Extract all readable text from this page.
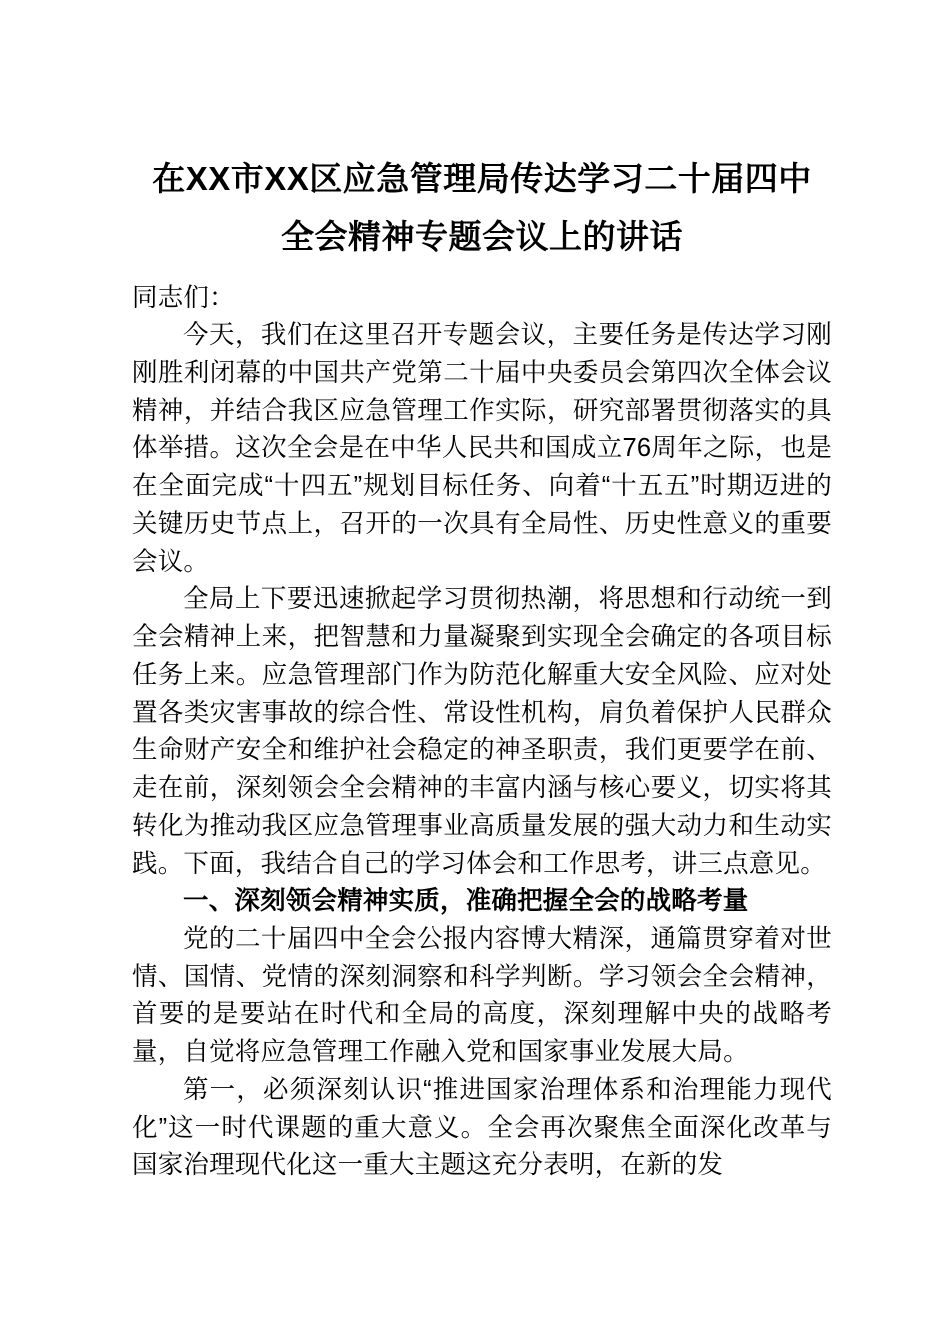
在XX市XX区应急管理局传达学习二十届四中全会精神专题会议上的讲话

同志们：

今天，我们在这里召开专题会议，主要任务是传达学习刚刚胜利闭幕的中国共产党第二十届中央委员会第四次全体会议精神，并结合我区应急管理工作实际，研究部署贯彻落实的具体举措。这次全会是在中华人民共和国成立76周年之际，也是在全面完成“十四五”规划目标任务、向着“十五五”时期迈进的关键历史节点上，召开的一次具有全局性、历史性意义的重要会议。

全局上下要迅速掀起学习贯彻热潮，将思想和行动统一到全会精神上来，把智慧和力量凝聚到实现全会确定的各项目标任务上来。应急管理部门作为防范化解重大安全风险、应对处置各类灾害事故的综合性、常设性机构，肩负着保护人民群众生命财产安全和维护社会稳定的神圣职责，我们更要学在前、走在前，深刻领会全会精神的丰富内涵与核心要义，切实将其转化为推动我区应急管理事业高质量发展的强大动力和生动实践。下面，我结合自己的学习体会和工作思考，讲三点意见。

一、深刻领会精神实质，准确把握全会的战略考量

党的二十届四中全会公报内容博大精深，通篇贯穿着对世情、国情、党情的深刻洞察和科学判断。学习领会全会精神，首要的是要站在时代和全局的高度，深刻理解中央的战略考量，自觉将应急管理工作融入党和国家事业发展大局。

第一，必须深刻认识“推进国家治理体系和治理能力现代化”这一时代课题的重大意义。全会再次聚焦全面深化改革与国家治理现代化这一重大主题这充分表明，在新的发
